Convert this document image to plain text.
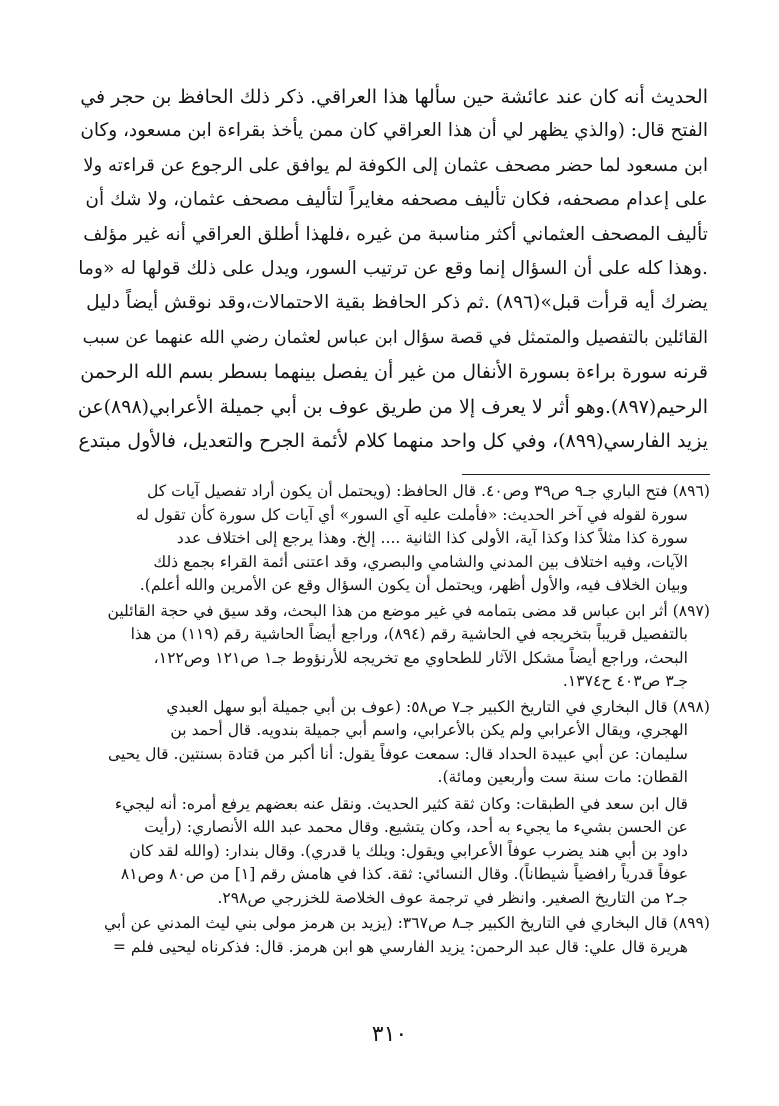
الحديث أنه كان عند عائشة حين سألها هذا العراقي. ذكر ذلك الحافظ بن حجر في
الفتح قال: (والذي يظهر لي أن هذا العراقي كان ممن يأخذ بقراءة ابن مسعود، وكان
ابن مسعود لما حضر مصحف عثمان إلى الكوفة لم يوافق على الرجوع عن قراءته ولا
على إعدام مصحفه، فكان تأليف مصحفه مغايراً لتأليف مصحف عثمان، ولا شك أن
تأليف المصحف العثماني أكثر مناسبة من غيره ،فلهذا أطلق العراقي أنه غير مؤلف
.وهذا كله على أن السؤال إنما وقع عن ترتيب السور، ويدل على ذلك قولها له «وما
يضرك أيه قرأت قبل»(٨٩٦) .ثم ذكر الحافظ بقية الاحتمالات،وقد نوقش أيضاً دليل
القائلين بالتفصيل والمتمثل في قصة سؤال ابن عباس لعثمان رضي الله عنهما عن سبب
قرنه سورة براءة بسورة الأنفال من غير أن يفصل بينهما بسطر بسم الله الرحمن
الرحيم(٨٩٧).وهو أثر لا يعرف إلا من طريق عوف بن أبي جميلة الأعرابي(٨٩٨)عن
يزيد الفارسي(٨٩٩)، وفي كل واحد منهما كلام لأئمة الجرح والتعديل، فالأول مبتدع
(٨٩٦) فتح الباري جـ٩ ص٣٩ وص٤٠. قال الحافظ: (ويحتمل أن يكون أراد تفصيل آيات كل
سورة لقوله في آخر الحديث: «فأملت عليه آي السور» أي آيات كل سورة كأن تقول له
سورة كذا مثلاً كذا وكذا آية، الأولى كذا الثانية .... إلخ. وهذا يرجع إلى اختلاف عدد
الآيات، وفيه اختلاف بين المدني والشامي والبصري، وقد اعتنى أئمة القراء بجمع ذلك
وبيان الخلاف فيه، والأول أظهر، ويحتمل أن يكون السؤال وقع عن الأمرين والله أعلم).
(٨٩٧) أثر ابن عباس قد مضى بتمامه في غير موضع من هذا البحث، وقد سيق في حجة القائلين
بالتفصيل قريباً بتخريجه في الحاشية رقم (٨٩٤)، وراجع أيضاً الحاشية رقم (١١٩) من هذا
البحث، وراجع أيضاً مشكل الآثار للطحاوي مع تخريجه للأرنؤوط جـ١ ص١٢١ وص١٢٢،
جـ٣ ص٤٠٣ ح١٣٧٤.
(٨٩٨) قال البخاري في التاريخ الكبير جـ٧ ص٥٨: (عوف بن أبي جميلة أبو سهل العبدي
الهجري، ويقال الأعرابي ولم يكن بالأعرابي، واسم أبي جميلة بندويه. قال أحمد بن
سليمان: عن أبي عبيدة الحداد قال: سمعت عوفاً يقول: أنا أكبر من قتادة بسنتين. قال يحيى
القطان: مات سنة ست وأربعين ومائة).
قال ابن سعد في الطبقات: وكان ثقة كثير الحديث. ونقل عنه بعضهم يرفع أمره: أنه ليجيء
عن الحسن بشيء ما يجيء به أحد، وكان يتشيع. وقال محمد عبد الله الأنصاري: (رأيت
داود بن أبي هند يضرب عوفاً الأعرابي ويقول: ويلك يا قدري). وقال بندار: (والله لقد كان
عوفاً قدرياً رافضياً شيطاناً). وقال النسائي: ثقة. كذا في هامش رقم [١] من ص٨٠ وص٨١
جـ٢ من التاريخ الصغير. وانظر في ترجمة عوف الخلاصة للخزرجي ص٢٩٨.
(٨٩٩) قال البخاري في التاريخ الكبير جـ٨ ص٣٦٧: (يزيد بن هرمز مولى بني ليث المدني عن أبي
هريرة قال علي: قال عبد الرحمن: يزيد الفارسي هو ابن هرمز. قال: فذكرناه ليحيى فلم =
٣١٠
